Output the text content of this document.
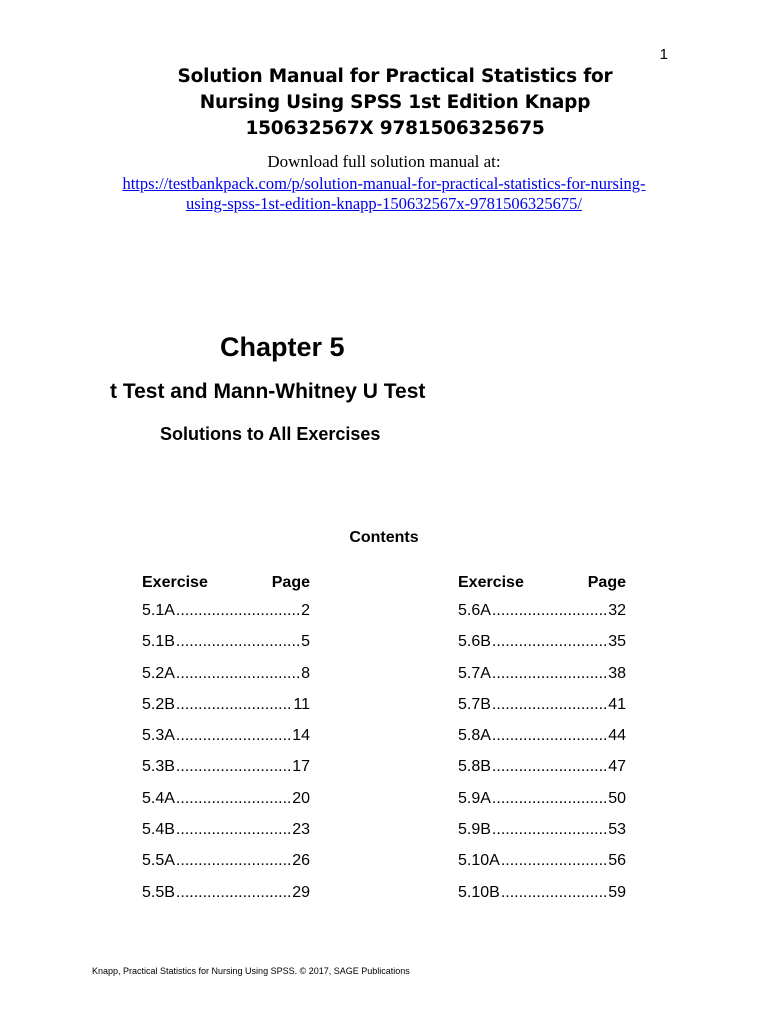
1
Solution Manual for Practical Statistics for
Nursing Using SPSS 1st Edition Knapp
150632567X 9781506325675
Download full solution manual at:
https://testbankpack.com/p/solution-manual-for-practical-statistics-for-nursing-
using-spss-1st-edition-knapp-150632567x-9781506325675/
Chapter 5
t Test and Mann-Whitney U Test
Solutions to All Exercises
Contents
Exercise	Page
5.1A .....	2
5.1B .....	5
5.2A .....	8
5.2B .....	11
5.3A .....	14
5.3B .....	17
5.4A .....	20
5.4B .....	23
5.5A .....	26
5.5B .....	29
Exercise	Page
5.6A .....	32
5.6B .....	35
5.7A .....	38
5.7B .....	41
5.8A .....	44
5.8B .....	47
5.9A .....	50
5.9B .....	53
5.10A .....	56
5.10B .....	59
Knapp, Practical Statistics for Nursing Using SPSS. © 2017, SAGE Publications
